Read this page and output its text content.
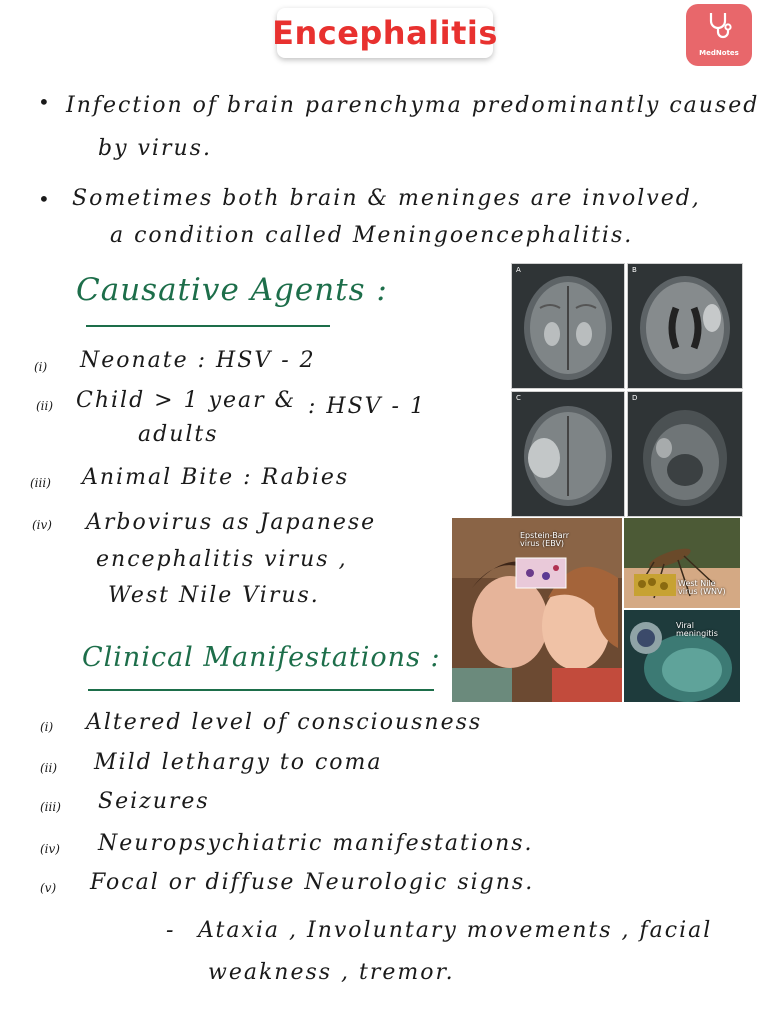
Encephalitis
MedNotes
• Infection of brain parenchyma predominantly caused
by virus.
• Sometimes both brain & meninges are involved,
a condition called Meningoencephalitis.
Causative Agents :
(i) Neonate : HSV - 2
(ii) Child > 1 year & : HSV - 1
adults
(iii) Animal Bite : Rabies
(iv) Arbovirus as Japanese
encephalitis virus ,
West Nile Virus.
A	B
C	D
Epstein-Barr virus (EBV)
West Nile virus (WNV)
Viral meningitis
Clinical Manifestations :
(i) Altered level of consciousness
(ii) Mild lethargy to coma
(iii) Seizures
(iv) Neuropsychiatric manifestations.
(v) Focal or diffuse Neurologic signs.
- Ataxia , Involuntary movements , facial
weakness , tremor.
